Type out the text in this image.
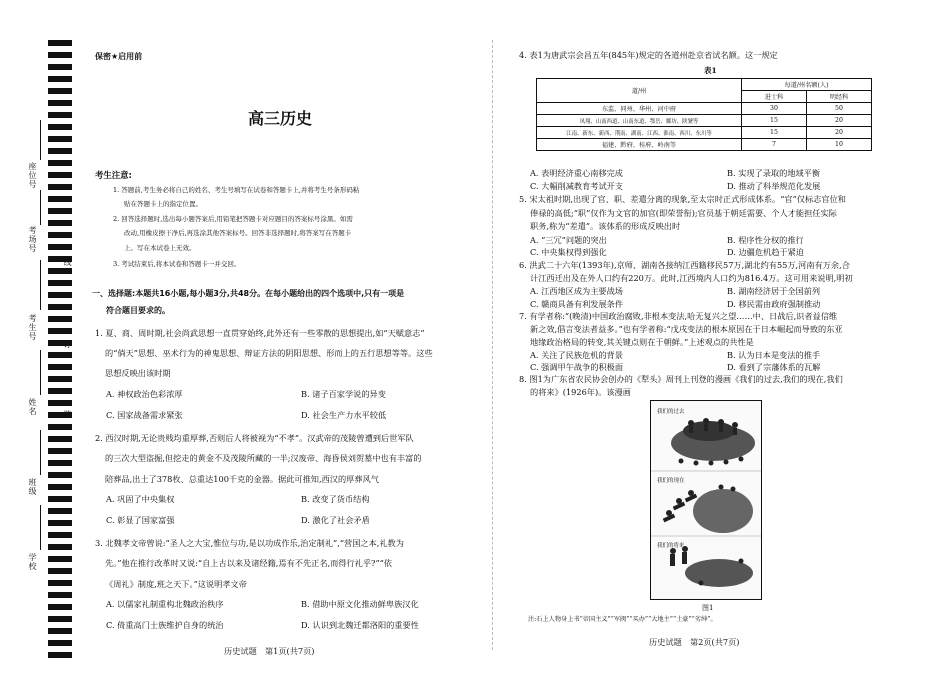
座位号
考场号
线
考生号
订
姓名	装
班级
学校
保密★启用前
高三历史
考生注意:
1. 答题前,考生务必将自己的姓名、考生号填写在试卷和答题卡上,并将考生号条形码粘
贴在答题卡上的指定位置。
2. 回答选择题时,选出每小题答案后,用铅笔把答题卡对应题目的答案标号涂黑。如需
改动,用橡皮擦干净后,再选涂其他答案标号。回答非选择题时,将答案写在答题卡
上。写在本试卷上无效。
3. 考试结束后,将本试卷和答题卡一并交回。
一、选择题:本题共16小题,每小题3分,共48分。在每小题给出的四个选项中,只有一项是
符合题目要求的。
1. 夏、商、周时期,社会尚武思想一直贯穿始终,此外还有一些零散的思想提出,如“天赋意志”
的“倘天”思想、巫术行为的神鬼思想、辩证方法的阴阳思想、形而上的五行思想等等。这些
思想反映出该时期
A. 神权政治色彩浓厚	B. 诸子百家学说的异变
C. 国家战备需求紧张	D. 社会生产力水平较低
2. 西汉时期,无论贵贱均重厚葬,否则后人将被视为“不孝”。汉武帝的茂陵曾遭到后世军队
的三次大型盗掘,但挖走的黄金不及茂陵所藏的一半;汉废帝、海昏侯刘贺墓中也有丰富的
陪葬品,出土了378枚、总重达100千克的金器。据此可推知,西汉的厚葬风气
A. 巩固了中央集权	B. 改变了货币结构
C. 彰显了国家富强	D. 激化了社会矛盾
3. 北魏孝文帝曾说:“圣人之大宝,惟位与功,是以功成作乐,治定制礼”,“营国之本,礼教为
先。”他在推行改革时又说:“自上古以来及诸经籍,焉有不先正名,而得行礼乎?”“依
《周礼》制度,班之天下。”这说明孝文帝
A. 以儒家礼制重构北魏政治秩序	B. 借助中原文化推动鲜卑族汉化
C. 倚重高门士族维护自身的统治	D. 认识到北魏迁都洛阳的重要性
历史试题　第1页(共7页)
4. 表1为唐武宗会昌五年(845年)规定的各道州赴京省试名额。这一规定
表1
道/州	每道/州名额(人)	
	进士科	明经科
东监、同州、华州、河中府	30	50
凤翔、山南西道、山南东道、鄂岳、鄜坊、陕虢等	15	20
江南、新东、新西、荆南、湖南、江西、淮南、西川、东川等	15	20
福建、黔府、桂府、岭南等	7	10
A. 表明经济重心南移完成	B. 实现了录取的地域平衡
C. 大幅削减教育考试开支	D. 推动了科举规范化发展
5. 宋太祖时期,出现了官、职、差遣分离的现象,至太宗时正式形成体系。“官”仅标志官位和
俸禄的高低;“职”仅作为文官的加官(即荣誉衔);官员基于朝廷需要、个人才能担任实际
职务,称为“差遣”。该体系的形成反映出时
A. “三冗”问题的突出	B. 程序性分权的推行
C. 中央集权得到强化	D. 边疆危机趋于紧迫
6. 洪武二十六年(1393年),京师、湖南各接纳江西籍移民57万,湖北约有55万,河南有万余,合
计江西迁出及在外人口约有220万。此时,江西境内人口约为816.4万。这可用来说明,明初
A. 江西地区成为主要战场	B. 湖南经济居于全国前列
C. 赣商具备有利发展条件	D. 移民需由政府强制推动
7. 有学者称:“(晚清)中国政治腐败,非根本变法,哈无复兴之望……中、日战后,识者益信维
新之效,倡言变法者益多。”也有学者称:“戊戌变法的根本原因在于日本崛起而导致的东亚
地缘政治格局的转变,其关键点则在于朝鲜。”上述观点的共性是
A. 关注了民族危机的背景	B. 认为日本是变法的推手
C. 强调甲午战争的积极面	D. 看到了宗藩体系的瓦解
8. 图1为广东省农民协会创办的《犁头》周刊上刊登的漫画《我们的过去,我们的现在,我们
的将来》(1926年)。该漫画
我们的过去
我们的现在
我们的将来
图1
注:石上人物身上书“帝国主义”“军阀”“买办”“大地主”“土豪”“劣绅”。
历史试题　第2页(共7页)
